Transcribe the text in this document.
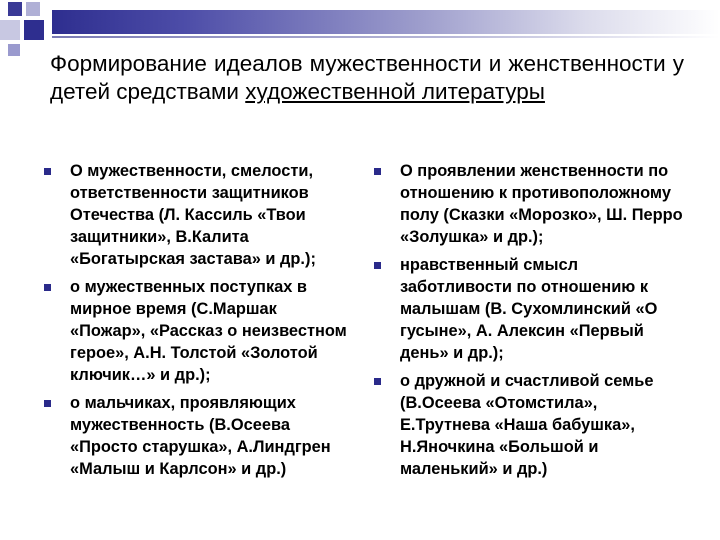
Формирование идеалов мужественности и женственности у детей средствами художественной литературы
О мужественности, смелости, ответственности защитников Отечества (Л. Кассиль «Твои защитники», В.Калита «Богатырская застава» и др.);
о мужественных поступках в мирное время (С.Маршак «Пожар», «Рассказ о неизвестном герое», А.Н. Толстой «Золотой ключик…» и др.);
о мальчиках, проявляющих мужественность (В.Осеева «Просто старушка», А.Линдгрен «Малыш и Карлсон» и др.)
О проявлении женственности по отношению к противоположному полу (Сказки «Морозко», Ш. Перро «Золушка» и др.);
нравственный смысл заботливости по отношению к малышам (В. Сухомлинский «О гусыне», А. Алексин «Первый день» и др.);
о дружной и счастливой семье (В.Осеева «Отомстила», Е.Трутнева «Наша бабушка», Н.Яночкина «Большой и маленький» и др.)
